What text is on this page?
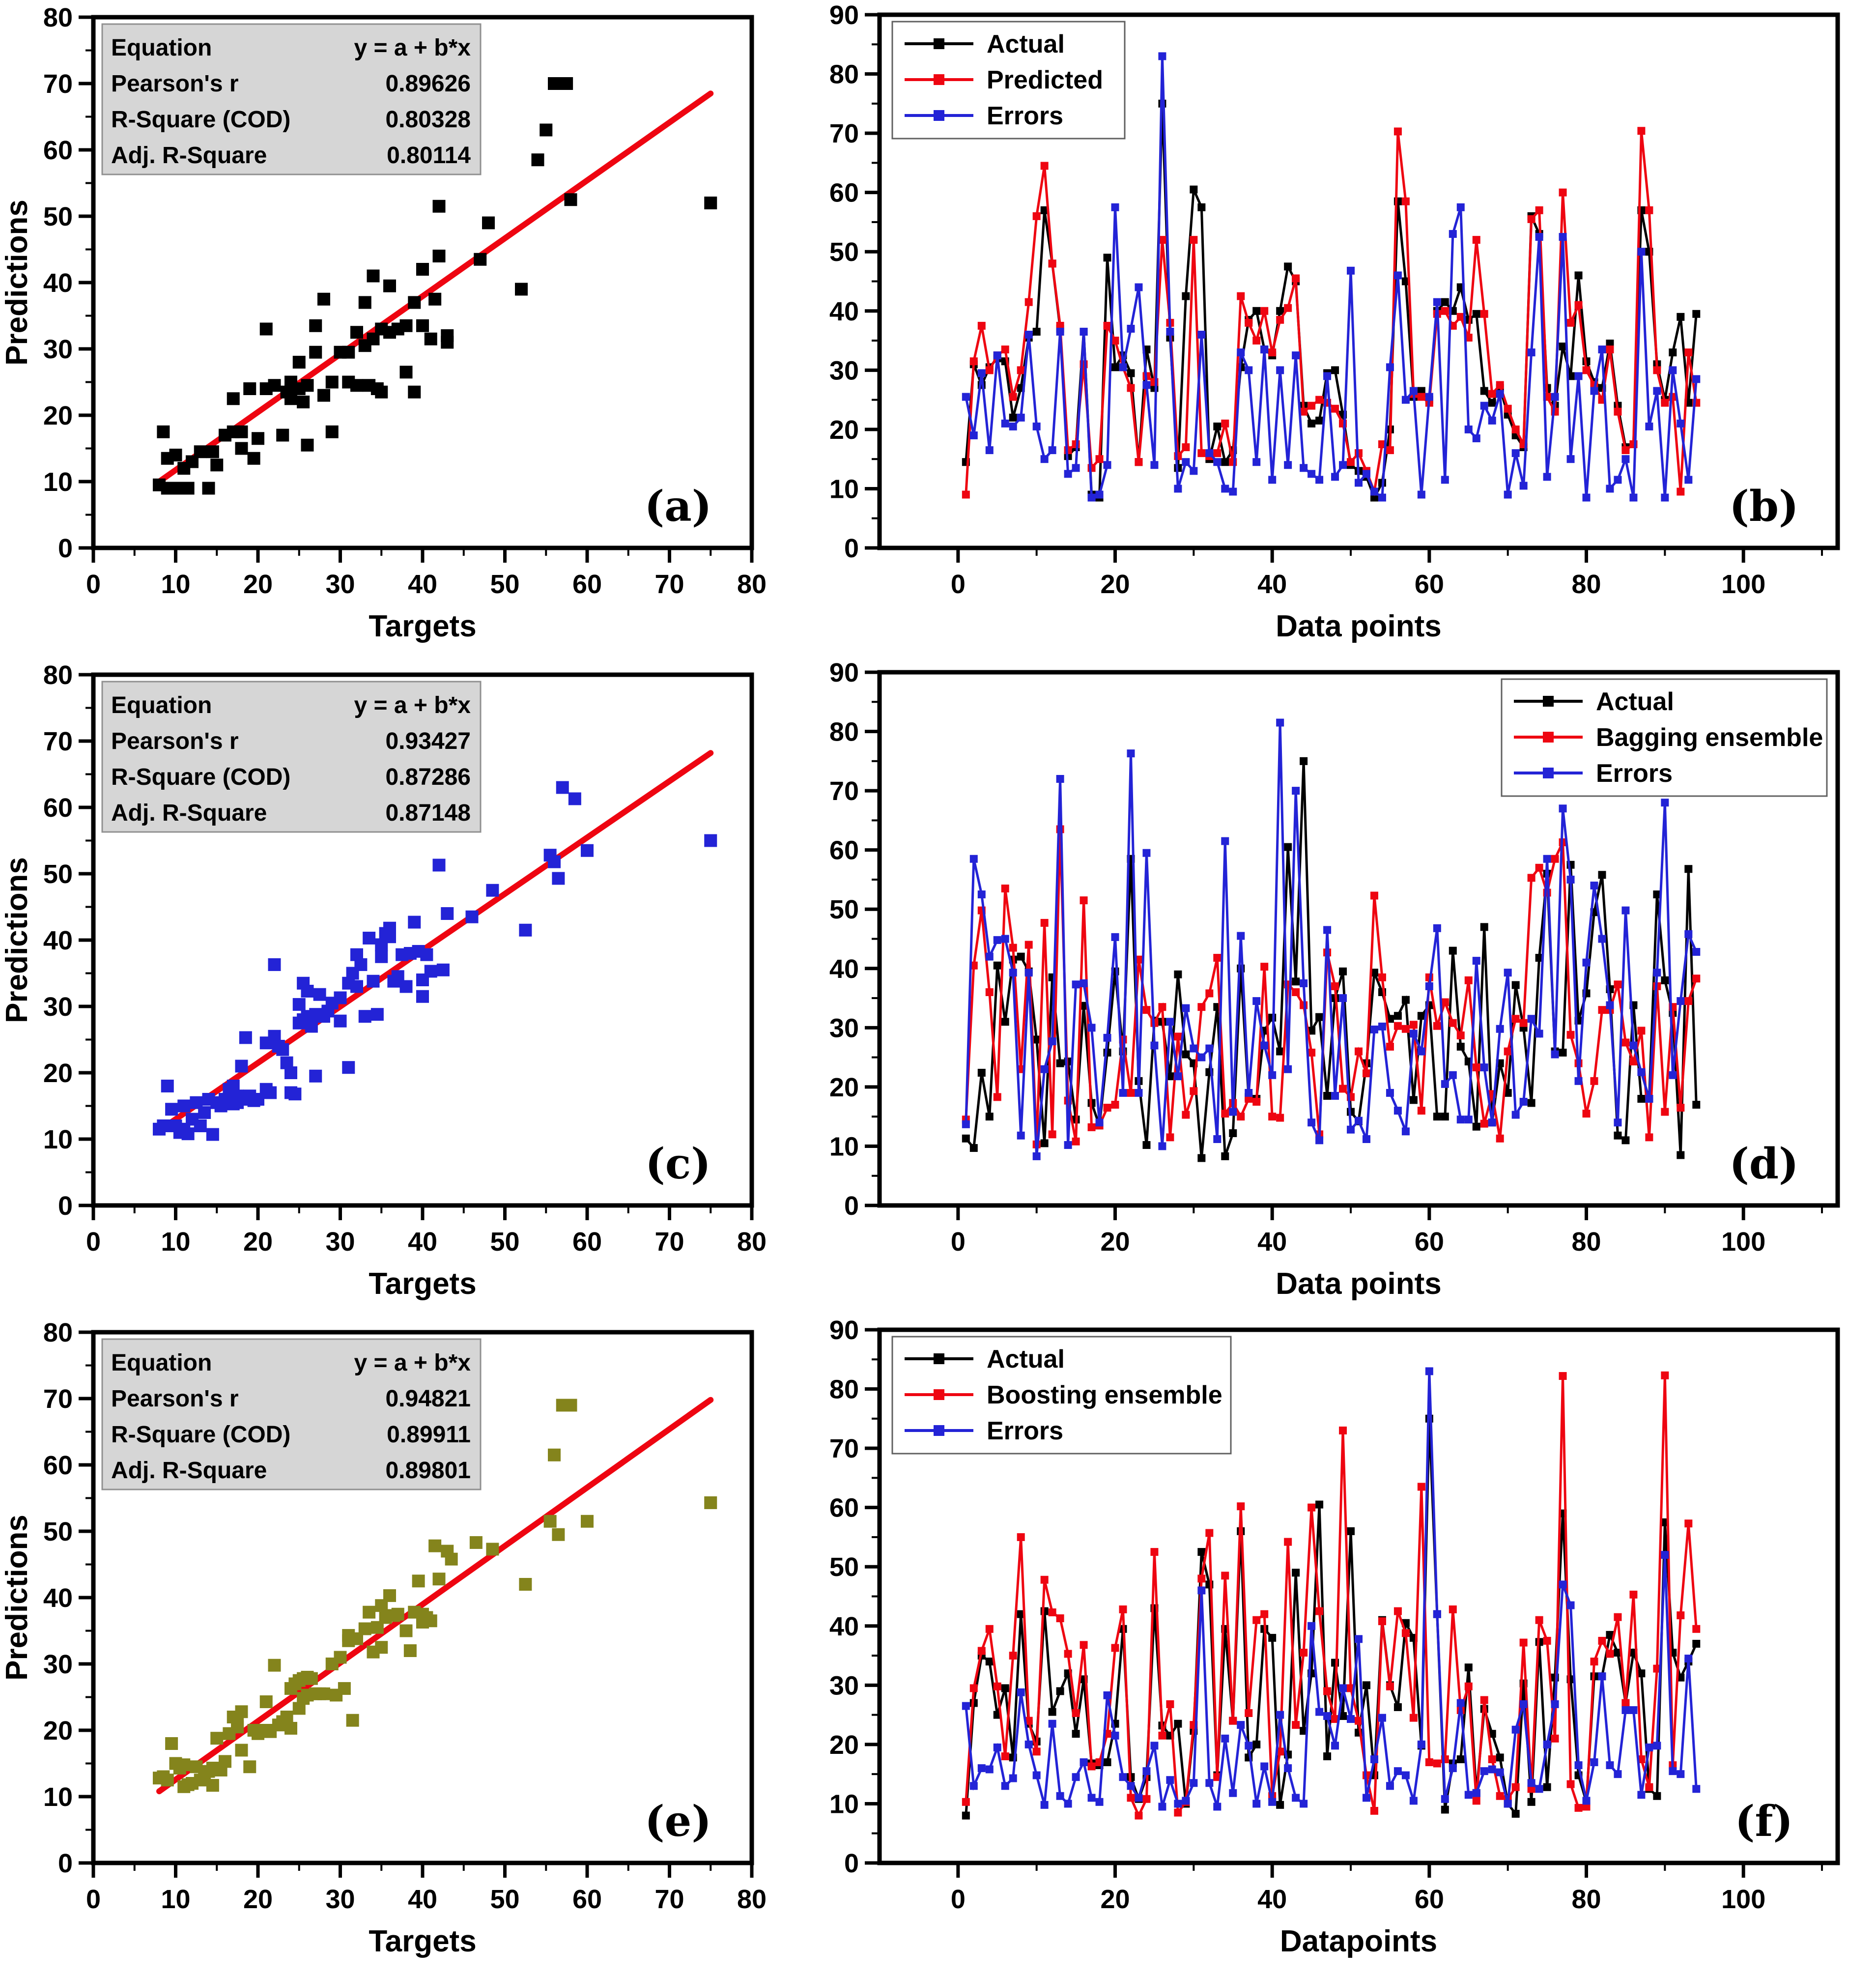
0 10 20 30 40 50 60 70 80
0
10
20
30
40
50
60
70
80
Targets
Predictions
Equation	y = a + b*x
Pearson's r	0.89626
R-Square (COD)	0.80328
Adj. R-Square	0.80114
(a)
0	20	40	60	80	100
0
10
20
30
40
50
60
70
80
90
Data points
Actual
Predicted
Errors
(b)
0 10 20 30 40 50 60 70 80
0
10
20
30
40
50
60
70
80
Targets
Predictions
Equation	y = a + b*x
Pearson's r	0.93427
R-Square (COD)	0.87286
Adj. R-Square	0.87148
(c)
0	20	40	60	80	100
0
10
20
30
40
50
60
70
80
90
Data points
Actual
Bagging ensemble
Errors
(d)
0 10 20 30 40 50 60 70 80
0
10
20
30
40
50
60
70
80
Targets
Predictions
Equation	y = a + b*x
Pearson's r	0.94821
R-Square (COD)	0.89911
Adj. R-Square	0.89801
(e)
0	20	40	60	80	100
0
10
20
30
40
50
60
70
80
90
Datapoints
Actual
Boosting ensemble
Errors
(f)
